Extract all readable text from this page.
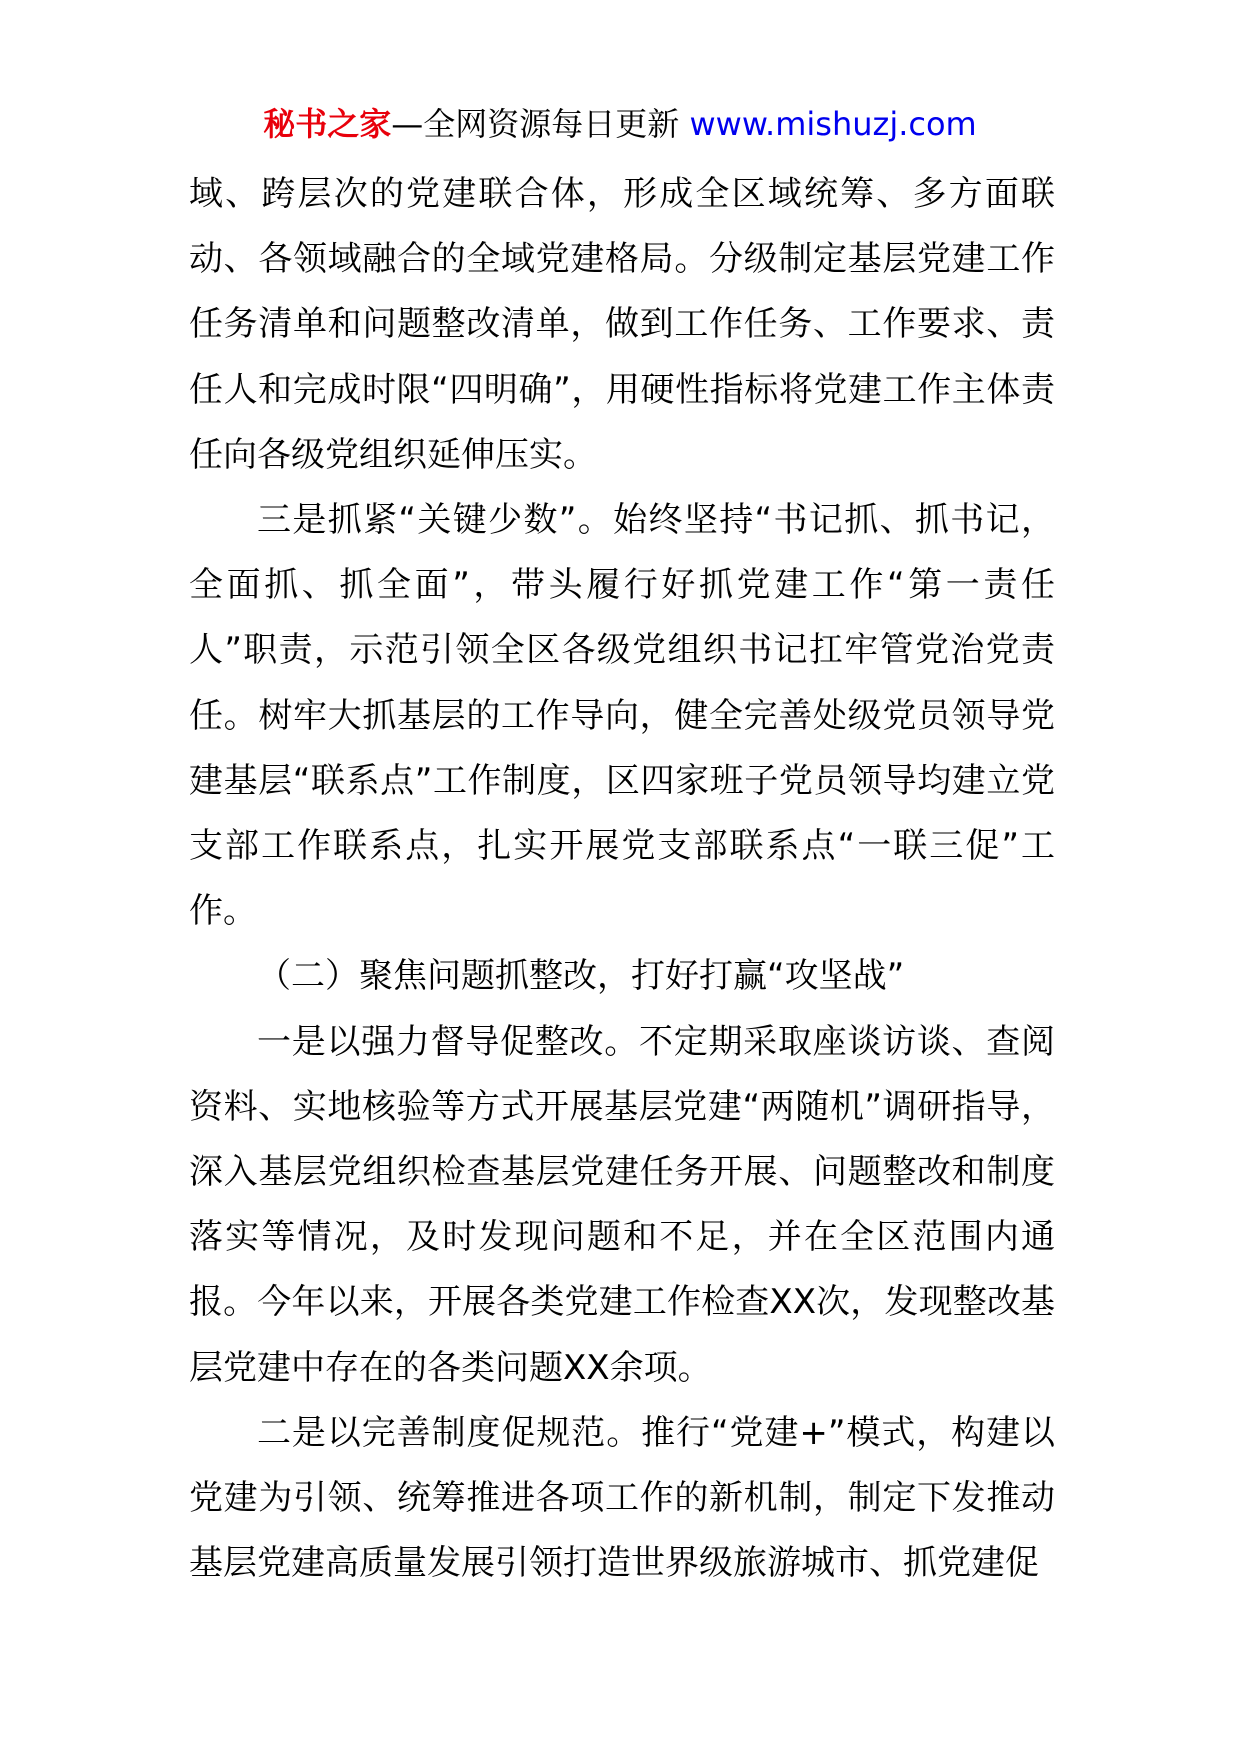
秘书之家—全网资源每日更新 www.mishuzj.com

域、跨层次的党建联合体，形成全区域统筹、多方面联动、各领域融合的全域党建格局。分级制定基层党建工作任务清单和问题整改清单，做到工作任务、工作要求、责任人和完成时限“四明确”，用硬性指标将党建工作主体责任向各级党组织延伸压实。

三是抓紧“关键少数”。始终坚持“书记抓、抓书记，全面抓、抓全面”，带头履行好抓党建工作“第一责任人”职责，示范引领全区各级党组织书记扛牢管党治党责任。树牢大抓基层的工作导向，健全完善处级党员领导党建基层“联系点”工作制度，区四家班子党员领导均建立党支部工作联系点，扎实开展党支部联系点“一联三促”工作。

（二）聚焦问题抓整改，打好打赢“攻坚战”

一是以强力督导促整改。不定期采取座谈访谈、查阅资料、实地核验等方式开展基层党建“两随机”调研指导，深入基层党组织检查基层党建任务开展、问题整改和制度落实等情况，及时发现问题和不足，并在全区范围内通报。今年以来，开展各类党建工作检查XX次，发现整改基层党建中存在的各类问题XX余项。

二是以完善制度促规范。推行“党建+”模式，构建以党建为引领、统筹推进各项工作的新机制，制定下发推动基层党建高质量发展引领打造世界级旅游城市、抓党建促
